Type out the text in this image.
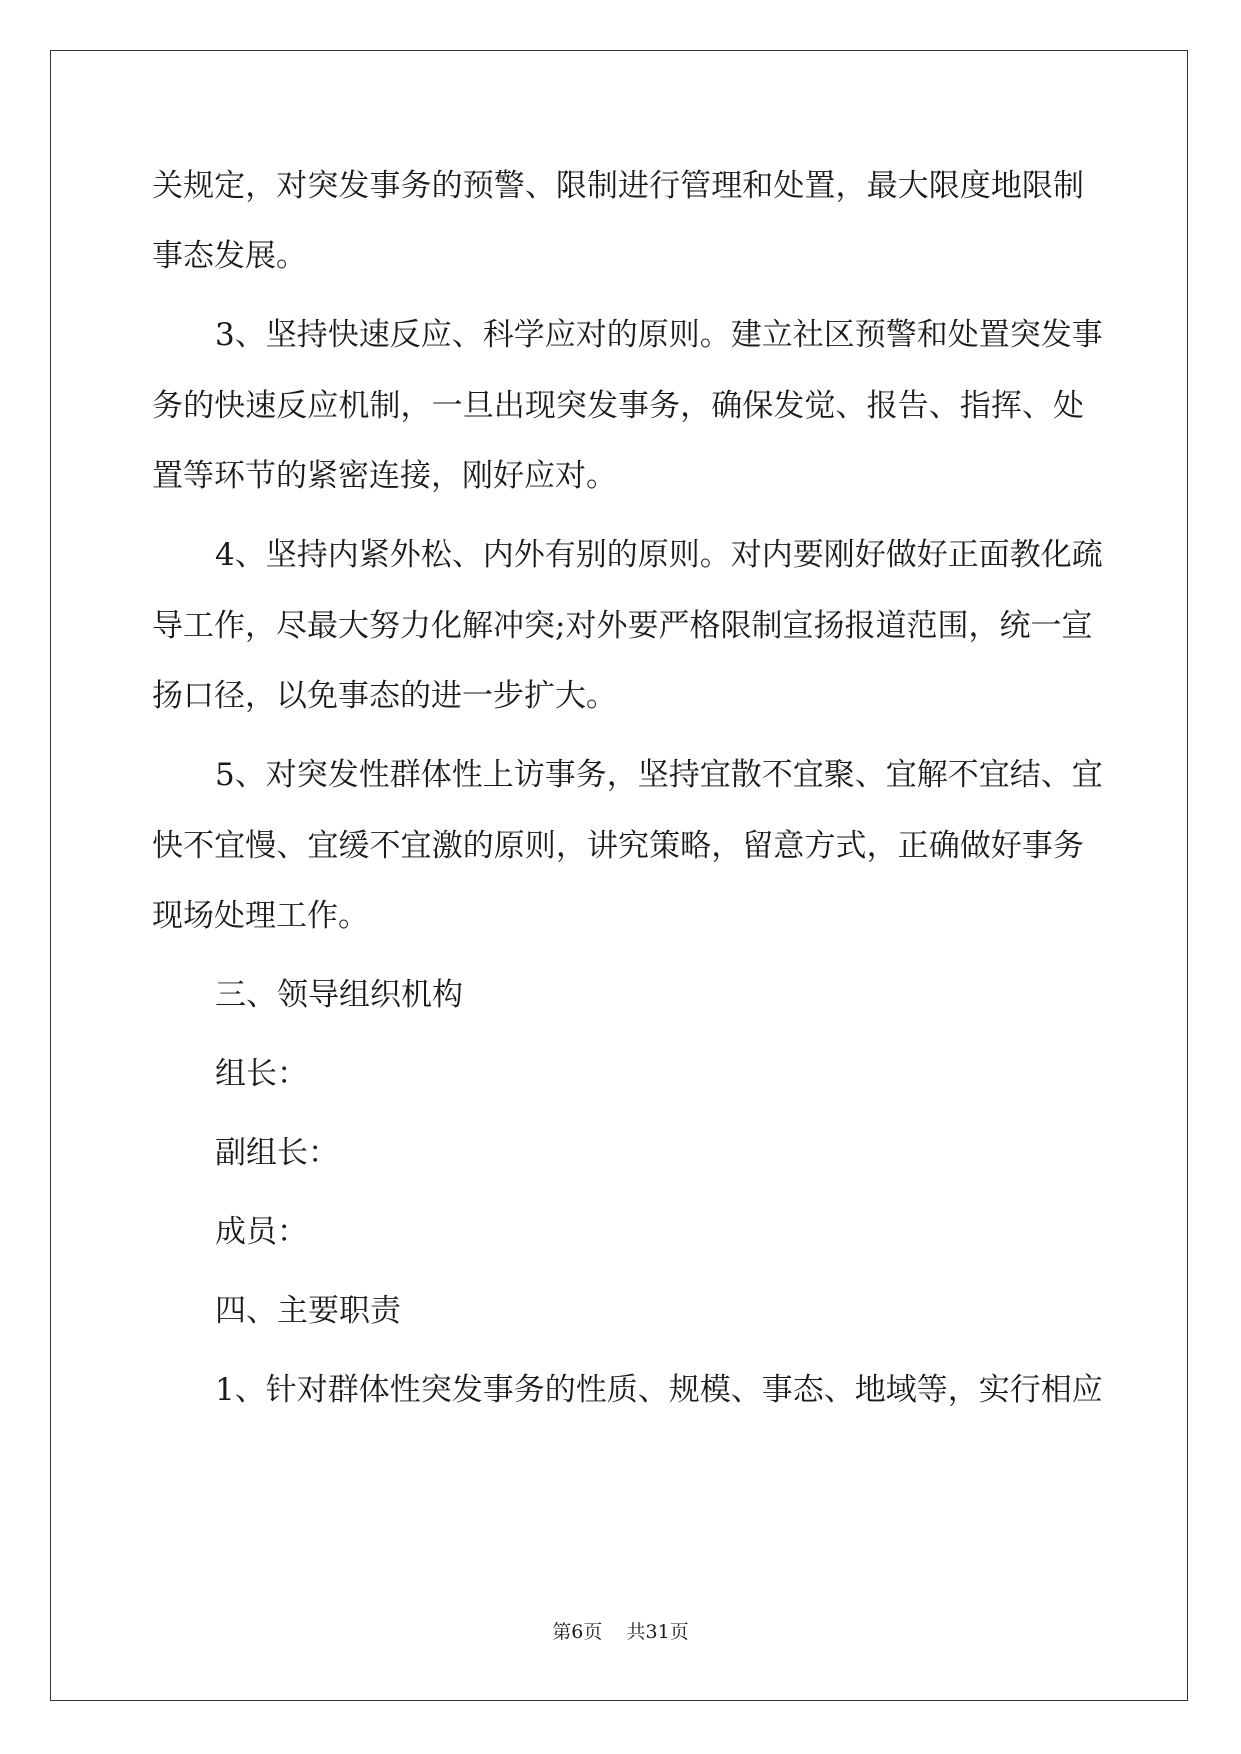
关规定，对突发事务的预警、限制进行管理和处置，最大限度地限制
事态发展。
3、坚持快速反应、科学应对的原则。建立社区预警和处置突发事
务的快速反应机制，一旦出现突发事务，确保发觉、报告、指挥、处
置等环节的紧密连接，刚好应对。
4、坚持内紧外松、内外有别的原则。对内要刚好做好正面教化疏
导工作，尽最大努力化解冲突;对外要严格限制宣扬报道范围，统一宣
扬口径，以免事态的进一步扩大。
5、对突发性群体性上访事务，坚持宜散不宜聚、宜解不宜结、宜
快不宜慢、宜缓不宜激的原则，讲究策略，留意方式，正确做好事务
现场处理工作。
三、领导组织机构
组长：
副组长：
成员：
四、主要职责
1、针对群体性突发事务的性质、规模、事态、地域等，实行相应
第6页 共31页
